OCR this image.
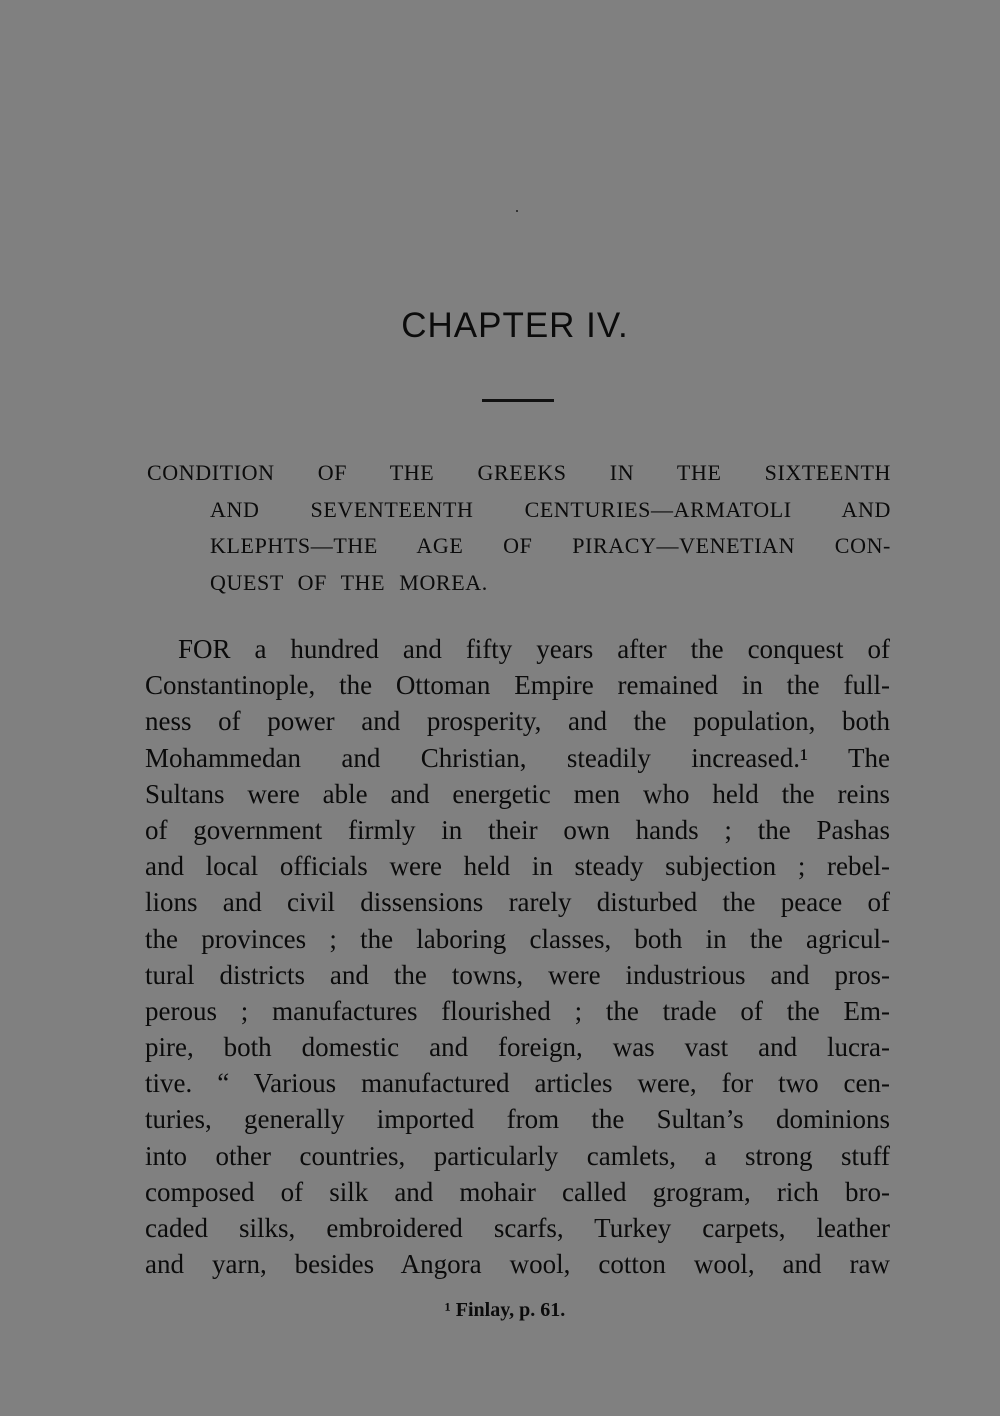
CHAPTER IV.
CONDITION OF THE GREEKS IN THE SIXTEENTH
AND SEVENTEENTH CENTURIES—ARMATOLI AND
KLEPHTS—THE AGE OF PIRACY—VENETIAN CON-
QUEST OF THE MOREA.
FOR a hundred and fifty years after the conquest of
Constantinople, the Ottoman Empire remained in the full-
ness of power and prosperity, and the population, both
Mohammedan and Christian, steadily increased.¹ The
Sultans were able and energetic men who held the reins
of government firmly in their own hands ; the Pashas
and local officials were held in steady subjection ; rebel-
lions and civil dissensions rarely disturbed the peace of
the provinces ; the laboring classes, both in the agricul-
tural districts and the towns, were industrious and pros-
perous ; manufactures flourished ; the trade of the Em-
pire, both domestic and foreign, was vast and lucra-
tive. “ Various manufactured articles were, for two cen-
turies, generally imported from the Sultan’s dominions
into other countries, particularly camlets, a strong stuff
composed of silk and mohair called grogram, rich bro-
caded silks, embroidered scarfs, Turkey carpets, leather
and yarn, besides Angora wool, cotton wool, and raw
¹ Finlay, p. 61.
